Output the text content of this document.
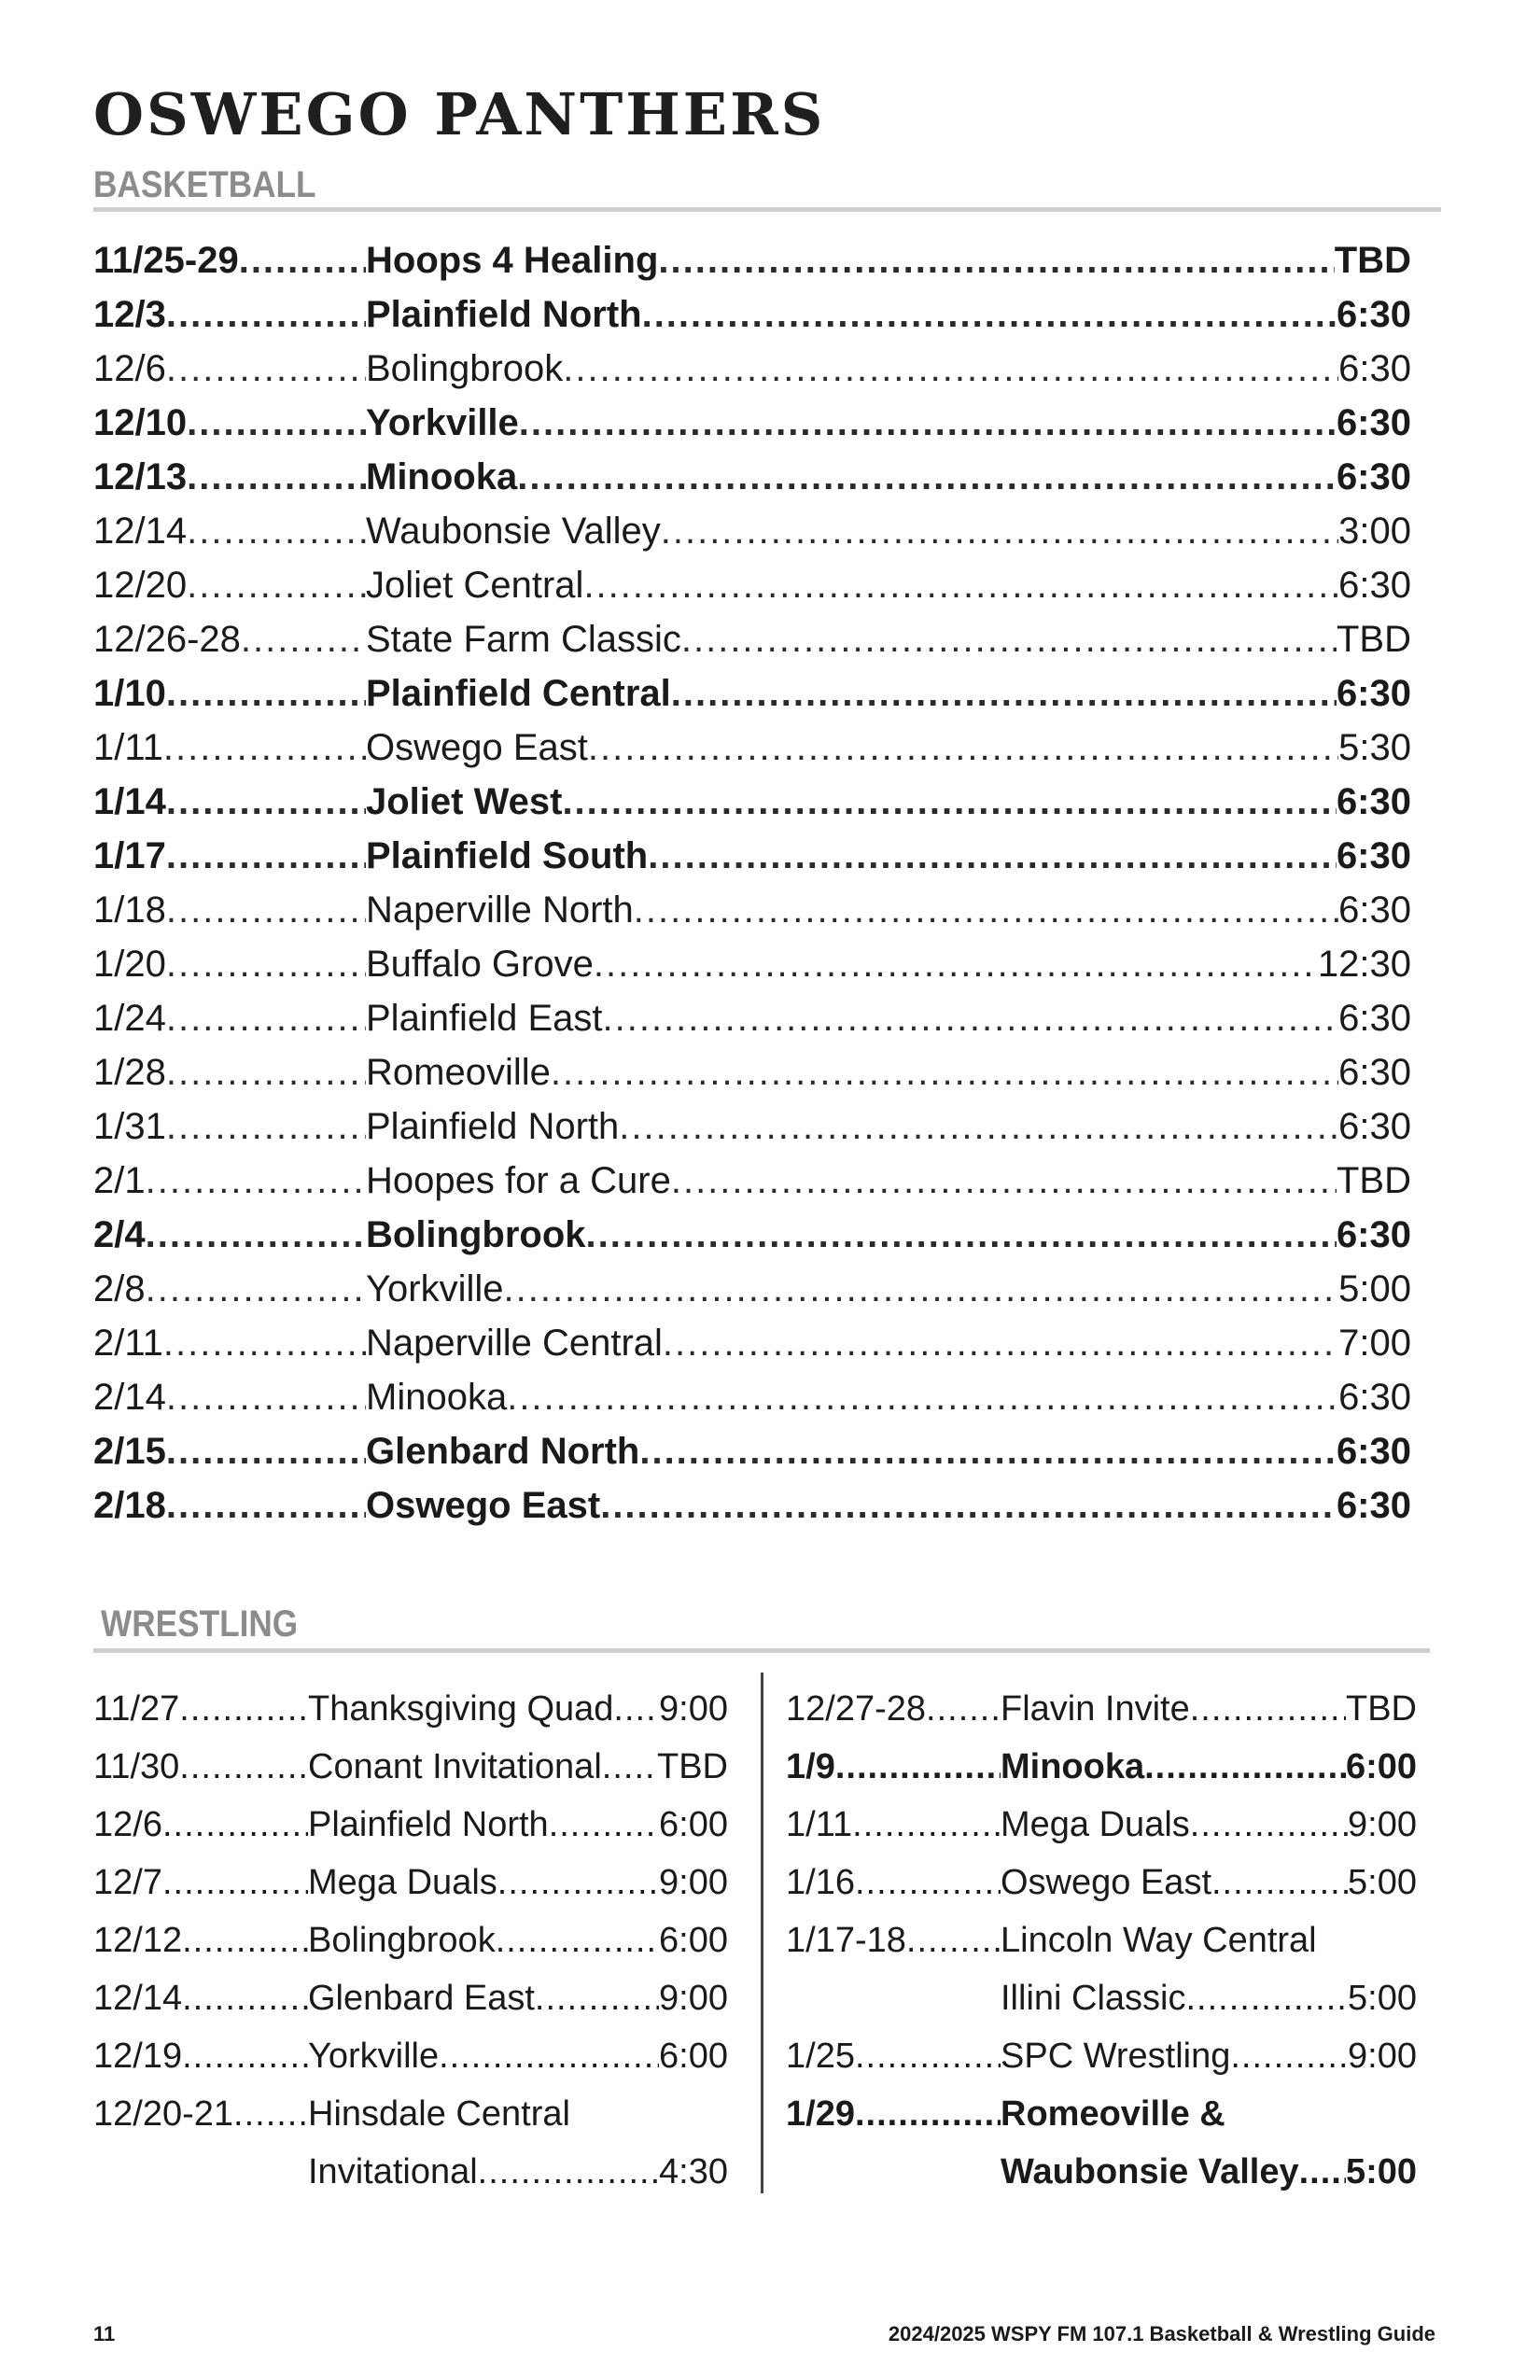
OSWEGO PANTHERS
BASKETBALL
11/25-29 .....	Hoops 4 Healing .....	TBD
12/3 .....	Plainfield North .....	6:30
12/6 .....	Bolingbrook .....	6:30
12/10 .....	Yorkville .....	6:30
12/13 .....	Minooka .....	6:30
12/14 .....	Waubonsie Valley .....	3:00
12/20 .....	Joliet Central .....	6:30
12/26-28 .....	State Farm Classic .....	TBD
1/10 .....	Plainfield Central .....	6:30
1/11 .....	Oswego East .....	5:30
1/14 .....	Joliet West .....	6:30
1/17 .....	Plainfield South .....	6:30
1/18 .....	Naperville North .....	6:30
1/20 .....	Buffalo Grove .....	12:30
1/24 .....	Plainfield East .....	6:30
1/28 .....	Romeoville .....	6:30
1/31 .....	Plainfield North .....	6:30
2/1 .....	Hoopes for a Cure .....	TBD
2/4 .....	Bolingbrook .....	6:30
2/8 .....	Yorkville .....	5:00
2/11 .....	Naperville Central .....	7:00
2/14 .....	Minooka .....	6:30
2/15 .....	Glenbard North .....	6:30
2/18 .....	Oswego East .....	6:30
WRESTLING
11/27 .....	Thanksgiving Quad ..... 9:00
11/30 .....	Conant Invitational ..... TBD
12/6 .....	Plainfield North .....	6:00
12/7 .....	Mega Duals .....	9:00
12/12 .....	Bolingbrook .....	6:00
12/14 .....	Glenbard East .....	9:00
12/19 .....	Yorkville .....	6:00
12/20-21 ..... Hinsdale Central
Invitational .....	4:30
12/27-28 ..... Flavin Invite .....	TBD
1/9 .....	Minooka .....	6:00
1/11 .....	Mega Duals .....	9:00
1/16 .....	Oswego East .....	5:00
1/17-18 .....	Lincoln Way Central
Illini Classic .....	5:00
1/25 .....	SPC Wrestling .....	9:00
1/29 .....	Romeoville &
Waubonsie Valley ..... 5:00
11	2024/2025 WSPY FM 107.1 Basketball & Wrestling Guide
